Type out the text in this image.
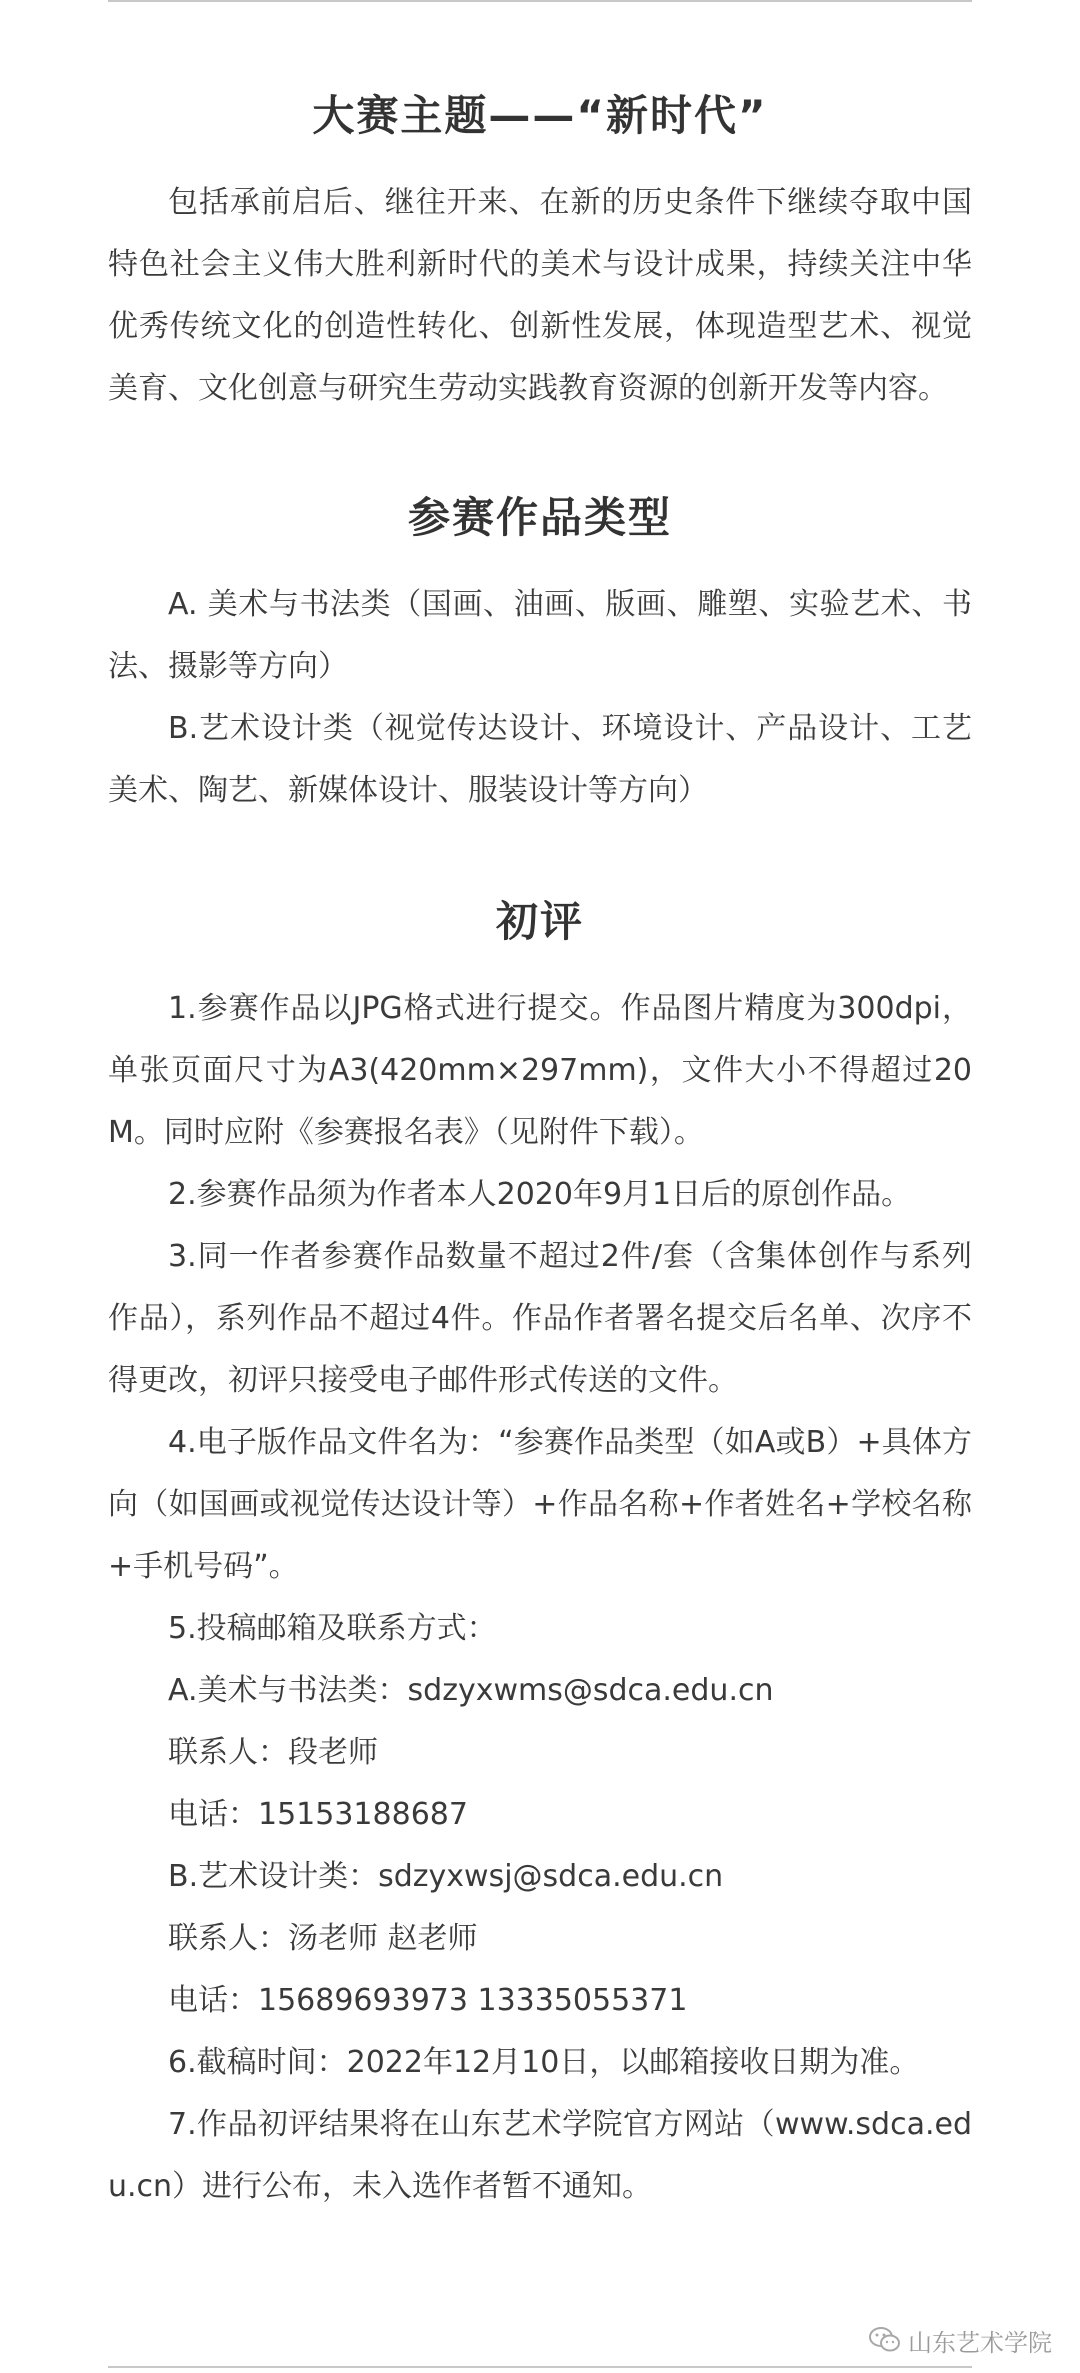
大赛主题——“新时代”

包括承前启后、继往开来、在新的历史条件下继续夺取中国特色社会主义伟大胜利新时代的美术与设计成果，持续关注中华优秀传统文化的创造性转化、创新性发展，体现造型艺术、视觉美育、文化创意与研究生劳动实践教育资源的创新开发等内容。

参赛作品类型

A. 美术与书法类（国画、油画、版画、雕塑、实验艺术、书法、摄影等方向）

B.艺术设计类（视觉传达设计、环境设计、产品设计、工艺美术、陶艺、新媒体设计、服装设计等方向）

初评

1.参赛作品以JPG格式进行提交。作品图片精度为300dpi，单张页面尺寸为A3(420mm×297mm)，文件大小不得超过20M。同时应附《参赛报名表》（见附件下载）。

2.参赛作品须为作者本人2020年9月1日后的原创作品。

3.同一作者参赛作品数量不超过2件/套（含集体创作与系列作品），系列作品不超过4件。作品作者署名提交后名单、次序不得更改，初评只接受电子邮件形式传送的文件。

4.电子版作品文件名为：“参赛作品类型（如A或B）+具体方向（如国画或视觉传达设计等）+作品名称+作者姓名+学校名称+手机号码”。

5.投稿邮箱及联系方式：

A.美术与书法类：sdzyxwms@sdca.edu.cn

联系人：段老师

电话：15153188687

B.艺术设计类：sdzyxwsj@sdca.edu.cn

联系人：汤老师 赵老师

电话：15689693973 13335055371

6.截稿时间：2022年12月10日，以邮箱接收日期为准。

7.作品初评结果将在山东艺术学院官方网站（www.sdca.edu.cn）进行公布，未入选作者暂不通知。

山东艺术学院
